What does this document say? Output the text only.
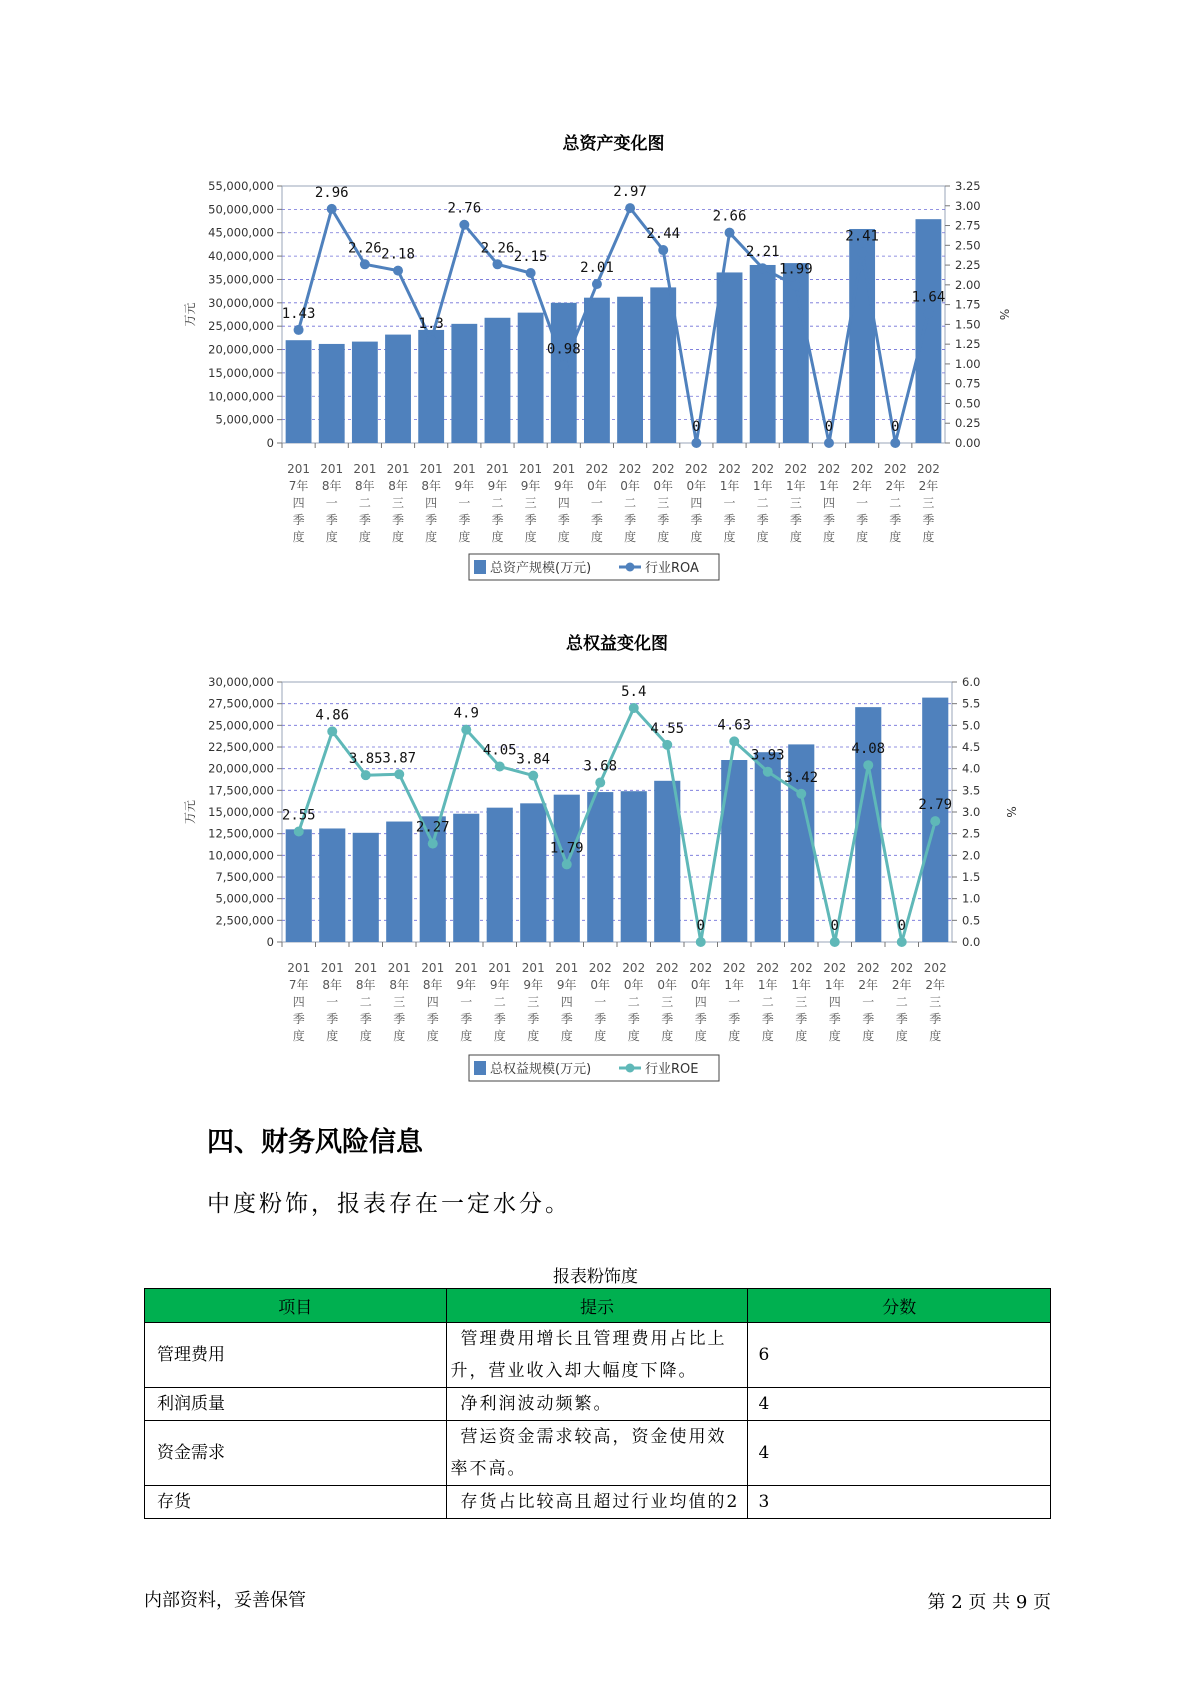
总资产变化图
0
5,000,000
10,000,000
15,000,000
20,000,000
25,000,000
30,000,000
35,000,000
40,000,000
45,000,000
50,000,000
55,000,000
0.00
0.25
0.50
0.75
1.00
1.25
1.50
1.75
2.00
2.25
2.50
2.75
3.00
3.25
万元	%
201
7年
四
季
度
201
8年
一
季
度
201
8年
二
季
度
201
8年
三
季
度
201
8年
四
季
度
201
9年
一
季
度
201
9年
二
季
度
201
9年
三
季
度
201
9年
四
季
度
202
0年
一
季
度
202
0年
二
季
度
202
0年
三
季
度
202
0年
四
季
度
202
1年
一
季
度
202
1年
二
季
度
202
1年
三
季
度
202
1年
四
季
度
202
2年
一
季
度
202
2年
二
季
度
202
2年
三
季
度
1.43
2.96
2.26 2.18
1.3
2.76
2.26
2.15
0.98
2.01
2.97
2.44
0
2.66
2.21
1.99
0
2.41
0
1.64
总资产规模(万元)	行业ROA
总权益变化图
0
2,500,000
5,000,000
7,500,000
10,000,000
12,500,000
15,000,000
17,500,000
20,000,000
22,500,000
25,000,000
27,500,000
30,000,000
0.0
0.5
1.0
1.5
2.0
2.5
3.0
3.5
4.0
4.5
5.0
5.5
6.0
万元	%
201
7年
四
季
度
201
8年
一
季
度
201
8年
二
季
度
201
8年
三
季
度
201
8年
四
季
度
201
9年
一
季
度
201
9年
二
季
度
201
9年
三
季
度
201
9年
四
季
度
202
0年
一
季
度
202
0年
二
季
度
202
0年
三
季
度
202
0年
四
季
度
202
1年
一
季
度
202
1年
二
季
度
202
1年
三
季
度
202
1年
四
季
度
202
2年
一
季
度
202
2年
二
季
度
202
2年
三
季
度
2.55
4.86
3.85 3.87
2.27
4.9
4.05
3.84
1.79
3.68
5.4
4.55
0
4.63
3.93
3.42
0
4.08
0
2.79
总权益规模(万元)	行业ROE
四、财务风险信息
中度粉饰，报表存在一定水分。
报表粉饰度
项目	提示	分数
管理费用	管理费用增长且管理费用占比上升，营业收入却大幅度下降。	6
利润质量	净利润波动频繁。	4
资金需求	营运资金需求较高，资金使用效率不高。	4
存货	存货占比较高且超过行业均值的2	3
内部资料，妥善保管	第 2 页 共 9 页
